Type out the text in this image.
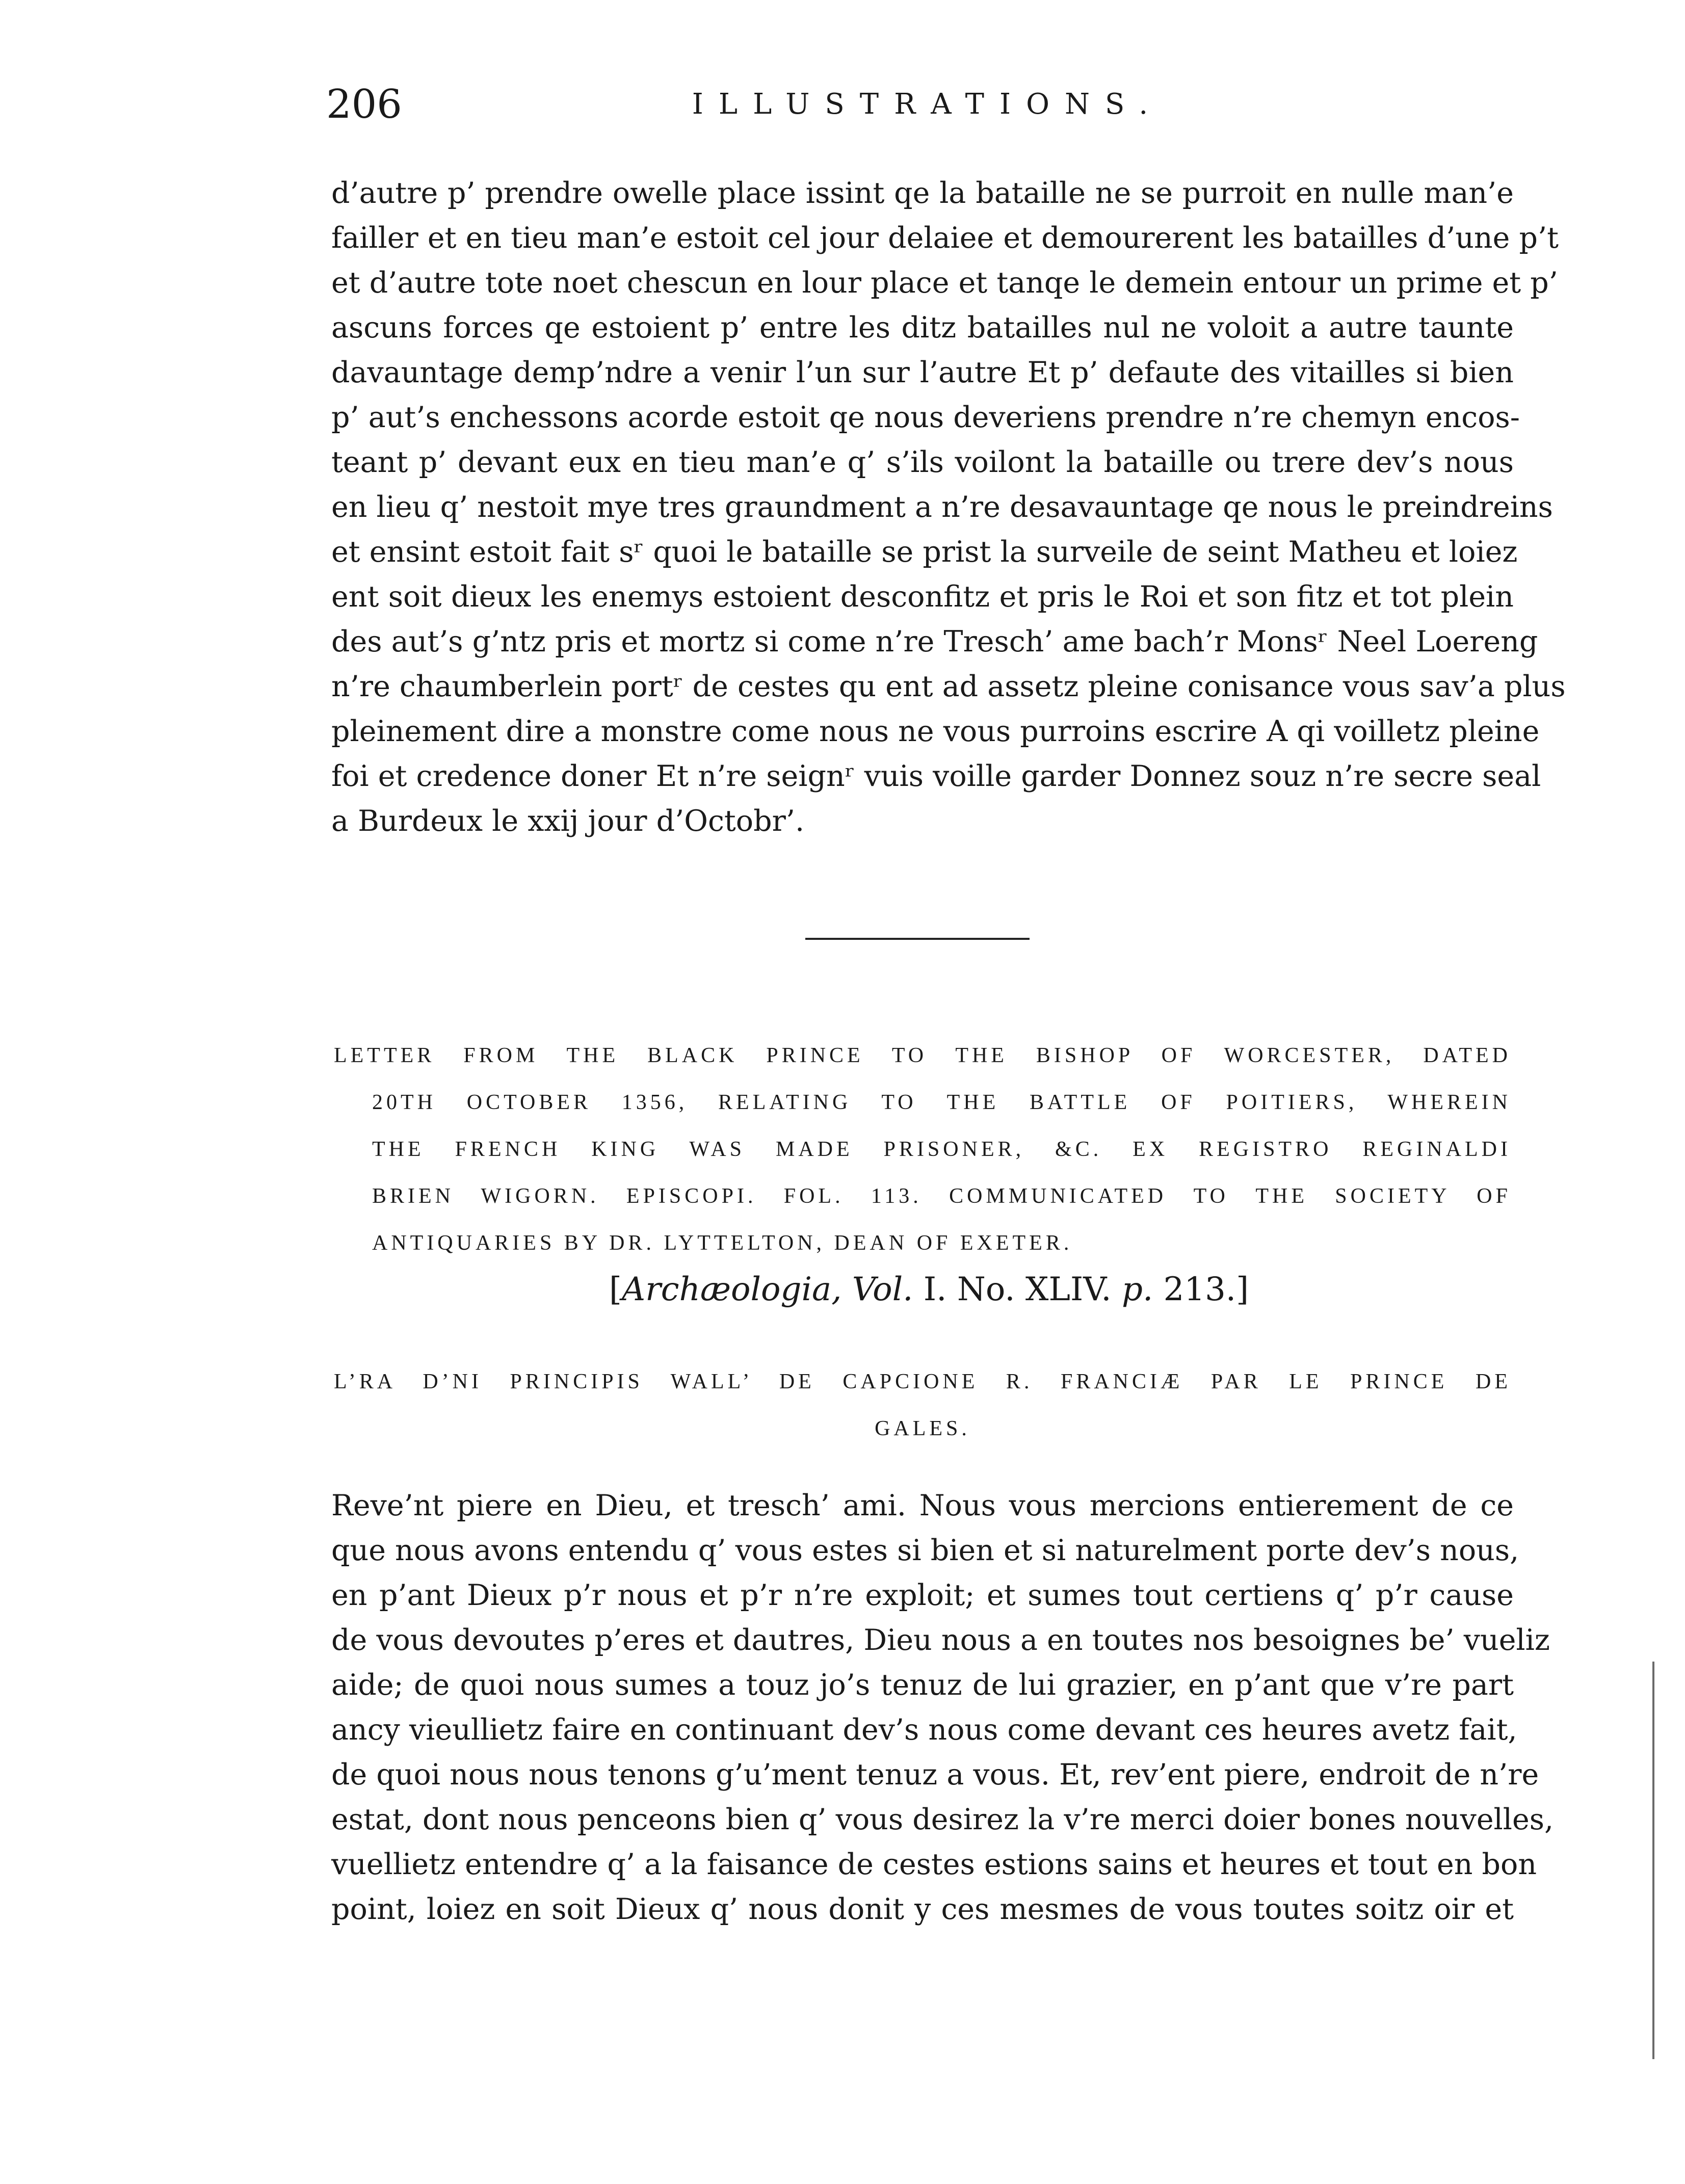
206	ILLUSTRATIONS.
d’autre p’ prendre owelle place issint qe la bataille ne se purroit en nulle man’e
failler et en tieu man’e estoit cel jour delaiee et demourerent les batailles d’une p’t
et d’autre tote noet chescun en lour place et tanqe le demein entour un prime et p’
ascuns forces qe estoient p’ entre les ditz batailles nul ne voloit a autre taunte
davauntage demp’ndre a venir l’un sur l’autre Et p’ defaute des vitailles si bien
p’ aut’s enchessons acorde estoit qe nous deveriens prendre n’re chemyn encos-
teant p’ devant eux en tieu man’e q’ s’ils voilont la bataille ou trere dev’s nous
en lieu q’ nestoit mye tres graundment a n’re desavauntage qe nous le preindreins
et ensint estoit fait sʳ quoi le bataille se prist la surveile de seint Matheu et loiez
ent soit dieux les enemys estoient desconfitz et pris le Roi et son fitz et tot plein
des aut’s g’ntz pris et mortz si come n’re Tresch’ ame bach’r Monsʳ Neel Loereng
n’re chaumberlein portʳ de cestes qu ent ad assetz pleine conisance vous sav’a plus
pleinement dire a monstre come nous ne vous purroins escrire A qi voilletz pleine
foi et credence doner Et n’re seignʳ vuis voille garder Donnez souz n’re secre seal
a Burdeux le xxij jour d’Octobr’.
LETTER FROM THE BLACK PRINCE TO THE BISHOP OF WORCESTER, DATED
20TH OCTOBER 1356, RELATING TO THE BATTLE OF POITIERS, WHEREIN
THE FRENCH KING WAS MADE PRISONER, &C. EX REGISTRO REGINALDI
BRIEN WIGORN. EPISCOPI. FOL. 113. COMMUNICATED TO THE SOCIETY OF
ANTIQUARIES BY DR. LYTTELTON, DEAN OF EXETER.
[Archæologia, Vol. I. No. XLIV. p. 213.]
L’RA D’NI PRINCIPIS WALL’ DE CAPCIONE R. FRANCIÆ PAR LE PRINCE DE
GALES.
Reve’nt piere en Dieu, et tresch’ ami. Nous vous mercions entierement de ce
que nous avons entendu q’ vous estes si bien et si naturelment porte dev’s nous,
en p’ant Dieux p’r nous et p’r n’re exploit; et sumes tout certiens q’ p’r cause
de vous devoutes p’eres et dautres, Dieu nous a en toutes nos besoignes be’ vueliz
aide; de quoi nous sumes a touz jo’s tenuz de lui grazier, en p’ant que v’re part
ancy vieullietz faire en continuant dev’s nous come devant ces heures avetz fait,
de quoi nous nous tenons g’u’ment tenuz a vous. Et, rev’ent piere, endroit de n’re
estat, dont nous penceons bien q’ vous desirez la v’re merci doier bones nouvelles,
vuellietz entendre q’ a la faisance de cestes estions sains et heures et tout en bon
point, loiez en soit Dieux q’ nous donit y ces mesmes de vous toutes soitz oir et
